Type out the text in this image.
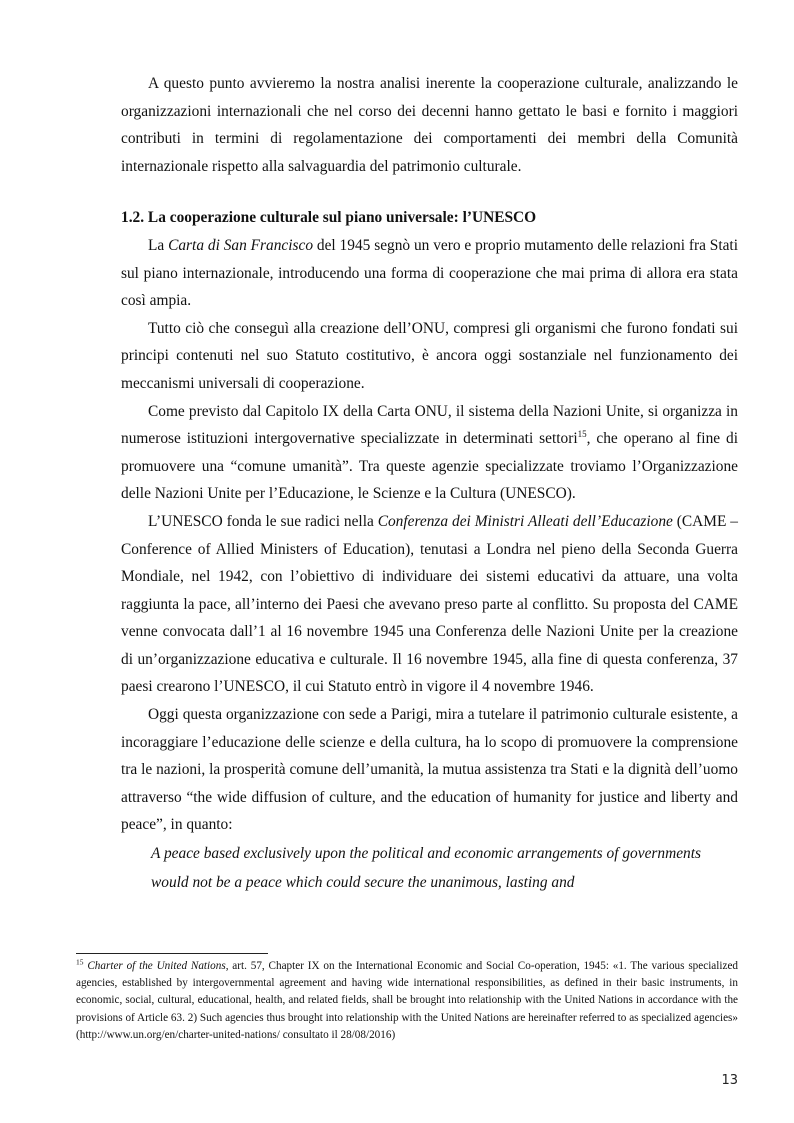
A questo punto avvieremo la nostra analisi inerente la cooperazione culturale, analizzando le organizzazioni internazionali che nel corso dei decenni hanno gettato le basi e fornito i maggiori contributi in termini di regolamentazione dei comportamenti dei membri della Comunità internazionale rispetto alla salvaguardia del patrimonio culturale.

1.2. La cooperazione culturale sul piano universale: l’UNESCO

La Carta di San Francisco del 1945 segnò un vero e proprio mutamento delle relazioni fra Stati sul piano internazionale, introducendo una forma di cooperazione che mai prima di allora era stata così ampia.

Tutto ciò che conseguì alla creazione dell’ONU, compresi gli organismi che furono fondati sui principi contenuti nel suo Statuto costitutivo, è ancora oggi sostanziale nel funzionamento dei meccanismi universali di cooperazione.

Come previsto dal Capitolo IX della Carta ONU, il sistema della Nazioni Unite, si organizza in numerose istituzioni intergovernative specializzate in determinati settori$^{15}$, che operano al fine di promuovere una “comune umanità”. Tra queste agenzie specializzate troviamo l’Organizzazione delle Nazioni Unite per l’Educazione, le Scienze e la Cultura (UNESCO).

L’UNESCO fonda le sue radici nella Conferenza dei Ministri Alleati dell’Educazione (CAME – Conference of Allied Ministers of Education), tenutasi a Londra nel pieno della Seconda Guerra Mondiale, nel 1942, con l’obiettivo di individuare dei sistemi educativi da attuare, una volta raggiunta la pace, all’interno dei Paesi che avevano preso parte al conflitto. Su proposta del CAME venne convocata dall’1 al 16 novembre 1945 una Conferenza delle Nazioni Unite per la creazione di un’organizzazione educativa e culturale. Il 16 novembre 1945, alla fine di questa conferenza, 37 paesi crearono l’UNESCO, il cui Statuto entrò in vigore il 4 novembre 1946.

Oggi questa organizzazione con sede a Parigi, mira a tutelare il patrimonio culturale esistente, a incoraggiare l’educazione delle scienze e della cultura, ha lo scopo di promuovere la comprensione tra le nazioni, la prosperità comune dell’umanità, la mutua assistenza tra Stati e la dignità dell’uomo attraverso “the wide diffusion of culture, and the education of humanity for justice and liberty and peace”, in quanto:

A peace based exclusively upon the political and economic arrangements of governments would not be a peace which could secure the unanimous, lasting and
$^{15}$ Charter of the United Nations, art. 57, Chapter IX on the International Economic and Social Co-operation, 1945: «1. The various specialized agencies, established by intergovernmental agreement and having wide international responsibilities, as defined in their basic instruments, in economic, social, cultural, educational, health, and related fields, shall be brought into relationship with the United Nations in accordance with the provisions of Article 63. 2) Such agencies thus brought into relationship with the United Nations are hereinafter referred to as specialized agencies» (http://www.un.org/en/charter-united-nations/ consultato il 28/08/2016)
13
